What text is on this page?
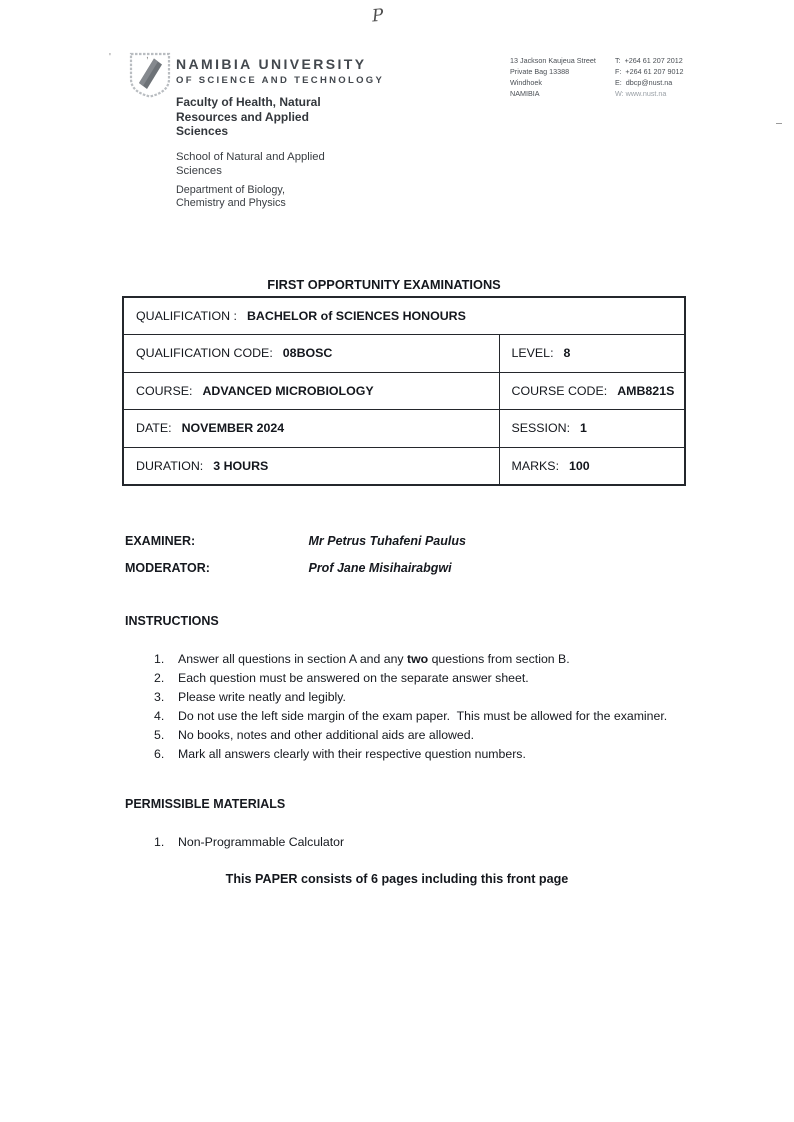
P
'	,
NAMIBIA UNIVERSITY
OF SCIENCE AND TECHNOLOGY
Faculty of Health, Natural Resources and Applied Sciences
School of Natural and Applied Sciences
Department of Biology, Chemistry and Physics
13 Jackson Kaujeua Street
Private Bag 13388
Windhoek
NAMIBIA
T:  +264 61 207 2012
F:  +264 61 207 9012
E:  dbcp@nust.na
W: www.nust.na
FIRST OPPORTUNITY EXAMINATIONS
QUALIFICATION : BACHELOR of SCIENCES HONOURS	
QUALIFICATION CODE: 08BOSC	LEVEL: 8
COURSE: ADVANCED MICROBIOLOGY	COURSE CODE: AMB821S
DATE: NOVEMBER 2024	SESSION: 1
DURATION: 3 HOURS	MARKS: 100
EXAMINER:	Mr Petrus Tuhafeni Paulus
MODERATOR:	Prof Jane Misihairabgwi
INSTRUCTIONS
1.	Answer all questions in section A and any two questions from section B.
2.	Each question must be answered on the separate answer sheet.
3.	Please write neatly and legibly.
4.	Do not use the left side margin of the exam paper.  This must be allowed for the examiner.
5.	No books, notes and other additional aids are allowed.
6.	Mark all answers clearly with their respective question numbers.
PERMISSIBLE MATERIALS
1.	Non-Programmable Calculator
This PAPER consists of 6 pages including this front page
